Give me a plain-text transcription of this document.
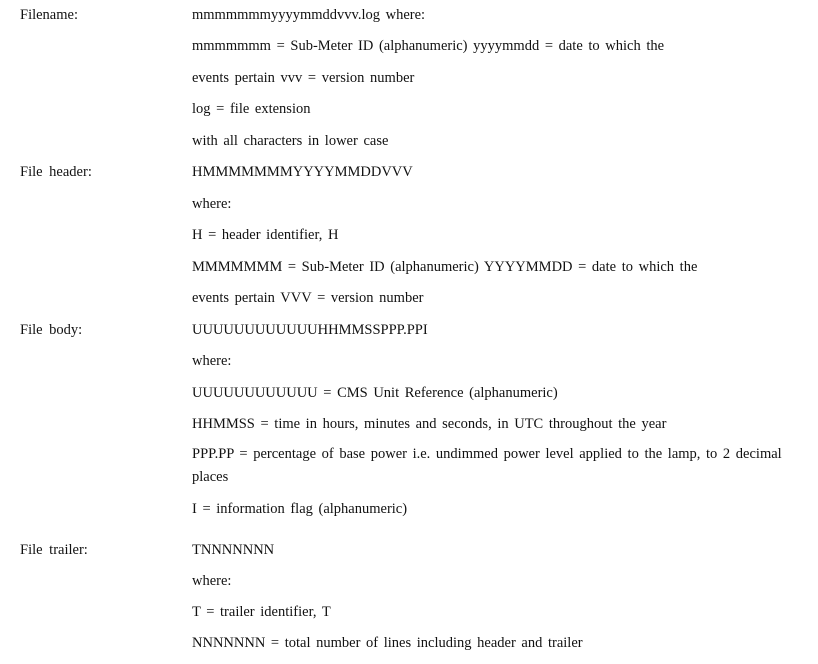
Filename:	mmmmmmmyyyymmddvvv.log where:
mmmmmmm = Sub-Meter ID (alphanumeric) yyyymmdd = date to which the
events pertain vvv = version number
log = file extension
with all characters in lower case
File header:	HMMMMMMMYYYYMMDDVVV
where:
H = header identifier, H
MMMMMMM = Sub-Meter ID (alphanumeric) YYYYMMDD = date to which the
events pertain VVV = version number
File body:	UUUUUUUUUUUUHHMMSSPPP.PPI
where:
UUUUUUUUUUUU = CMS Unit Reference (alphanumeric)
HHMMSS = time in hours, minutes and seconds, in UTC throughout the year
PPP.PP = percentage of base power i.e. undimmed power level applied to the lamp, to 2 decimal places
I = information flag (alphanumeric)
File trailer:	TNNNNNNN
where:
T = trailer identifier, T
NNNNNNN = total number of lines including header and trailer
